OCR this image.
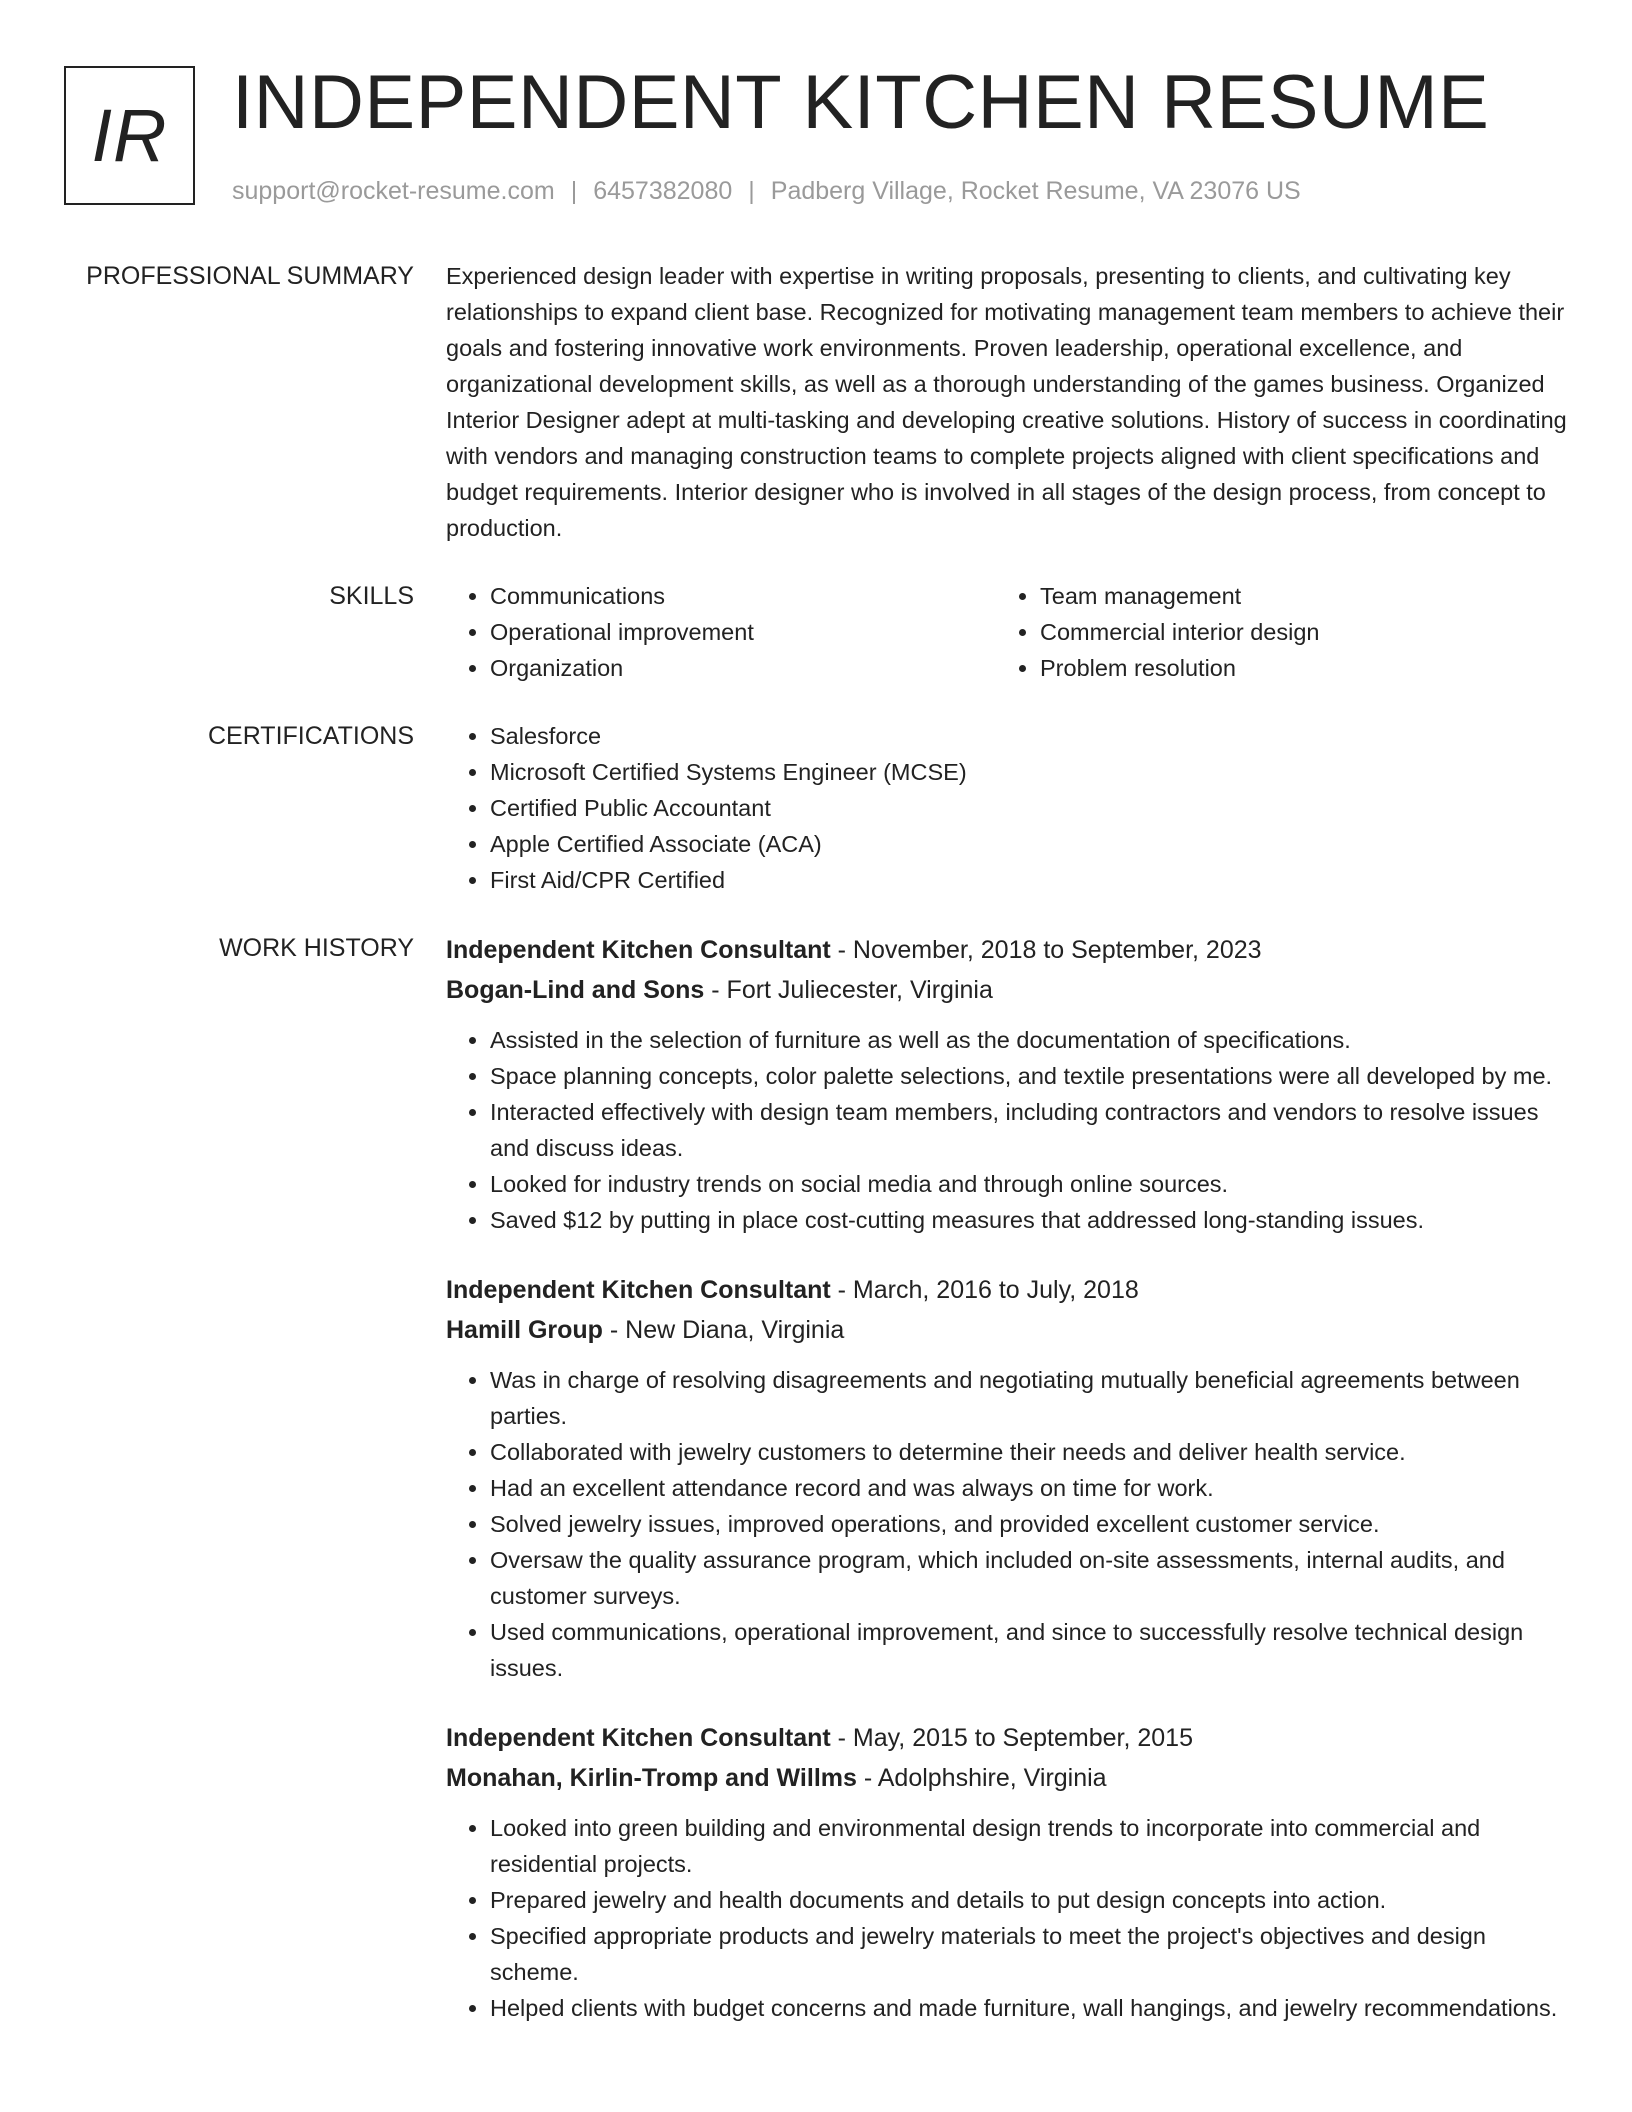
IR INDEPENDENT KITCHEN RESUME
support@rocket-resume.com | 6457382080 | Padberg Village, Rocket Resume, VA 23076 US
PROFESSIONAL SUMMARY Experienced design leader with expertise in writing proposals, presenting to clients, and cultivating key relationships to expand client base. Recognized for motivating management team members to achieve their goals and fostering innovative work environments. Proven leadership, operational excellence, and organizational development skills, as well as a thorough understanding of the games business. Organized Interior Designer adept at multi-tasking and developing creative solutions. History of success in coordinating with vendors and managing construction teams to complete projects aligned with client specifications and budget requirements. Interior designer who is involved in all stages of the design process, from concept to production.

SKILLS	• Communications
• Operational improvement
• Organization
• Team management
• Commercial interior design
• Problem resolution
CERTIFICATIONS	• Salesforce
• Microsoft Certified Systems Engineer (MCSE)
• Certified Public Accountant
• Apple Certified Associate (ACA)
• First Aid/CPR Certified
WORK HISTORY Independent Kitchen Consultant - November, 2018 to September, 2023
Bogan-Lind and Sons - Fort Juliecester, Virginia
• Assisted in the selection of furniture as well as the documentation of specifications.
• Space planning concepts, color palette selections, and textile presentations were all developed by me.
• Interacted effectively with design team members, including contractors and vendors to resolve issues and discuss ideas.
• Looked for industry trends on social media and through online sources.
• Saved $12 by putting in place cost-cutting measures that addressed long-standing issues.
Independent Kitchen Consultant - March, 2016 to July, 2018
Hamill Group - New Diana, Virginia
• Was in charge of resolving disagreements and negotiating mutually beneficial agreements between parties.
• Collaborated with jewelry customers to determine their needs and deliver health service.
• Had an excellent attendance record and was always on time for work.
• Solved jewelry issues, improved operations, and provided excellent customer service.
• Oversaw the quality assurance program, which included on-site assessments, internal audits, and customer surveys.
• Used communications, operational improvement, and since to successfully resolve technical design issues.
Independent Kitchen Consultant - May, 2015 to September, 2015
Monahan, Kirlin-Tromp and Willms - Adolphshire, Virginia
• Looked into green building and environmental design trends to incorporate into commercial and residential projects.
• Prepared jewelry and health documents and details to put design concepts into action.
• Specified appropriate products and jewelry materials to meet the project's objectives and design scheme.
• Helped clients with budget concerns and made furniture, wall hangings, and jewelry recommendations.
